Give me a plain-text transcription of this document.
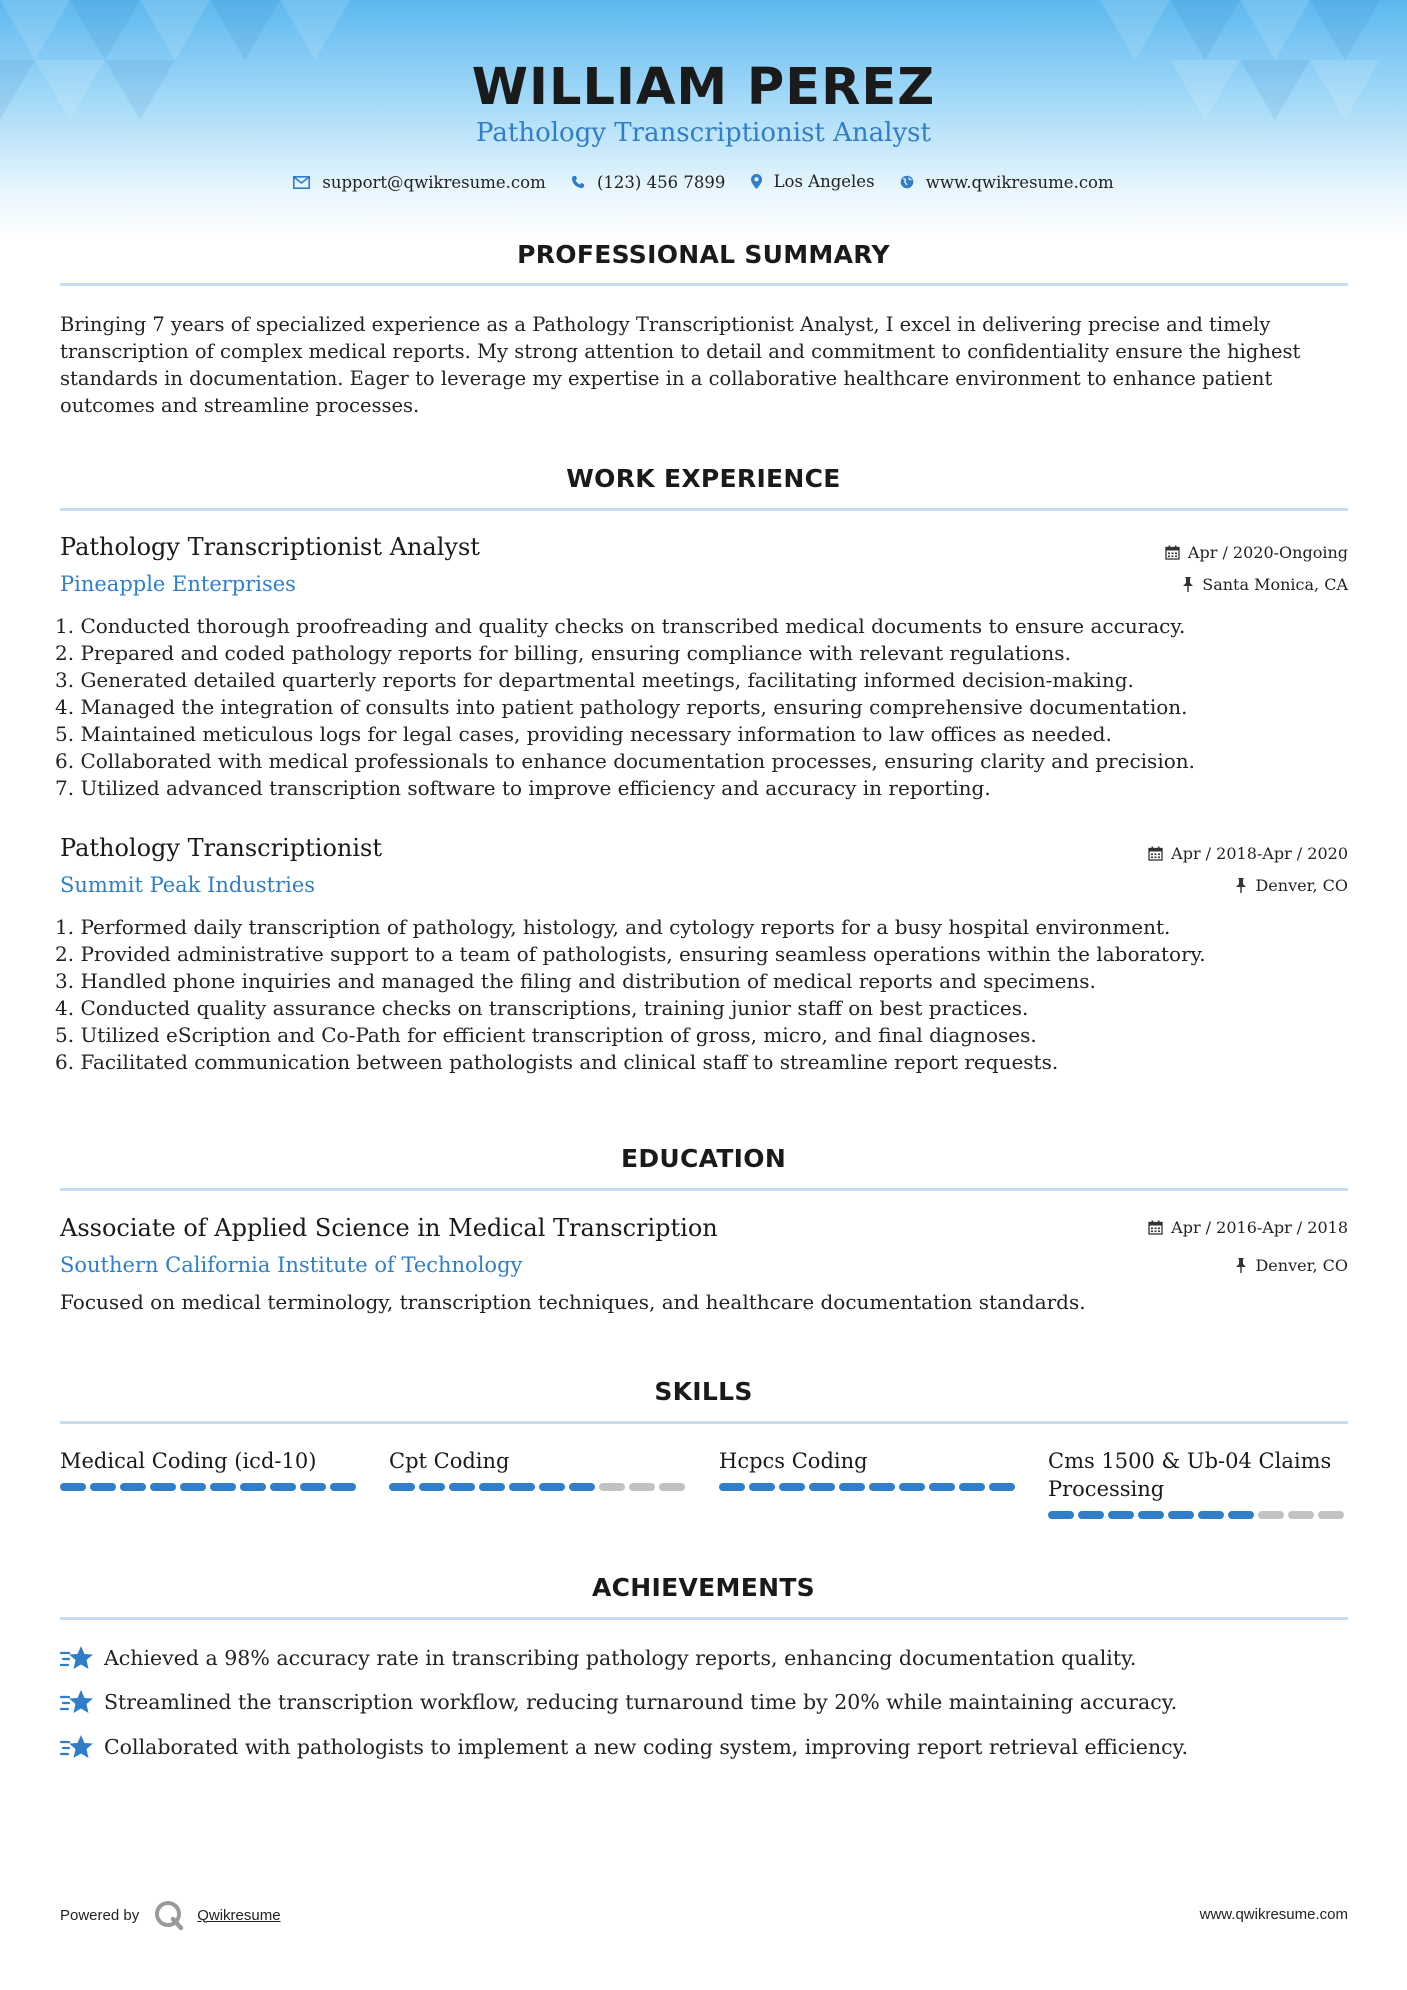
WILLIAM PEREZ
Pathology Transcriptionist Analyst
support@qwikresume.com
	(123) 456 7899
	Los Angeles
	www.qwikresume.com
PROFESSIONAL SUMMARY
Bringing 7 years of specialized experience as a Pathology Transcriptionist Analyst, I excel in delivering precise and timely transcription of complex medical reports. My strong attention to detail and commitment to confidentiality ensure the highest standards in documentation. Eager to leverage my expertise in a collaborative healthcare environment to enhance patient outcomes and streamline processes.
WORK EXPERIENCE
Pathology Transcriptionist Analyst	Apr / 2020-Ongoing
Pineapple Enterprises	Santa Monica, CA
1. Conducted thorough proofreading and quality checks on transcribed medical documents to ensure accuracy.
2. Prepared and coded pathology reports for billing, ensuring compliance with relevant regulations.
3. Generated detailed quarterly reports for departmental meetings, facilitating informed decision-making.
4. Managed the integration of consults into patient pathology reports, ensuring comprehensive documentation.
5. Maintained meticulous logs for legal cases, providing necessary information to law offices as needed.
6. Collaborated with medical professionals to enhance documentation processes, ensuring clarity and precision.
7. Utilized advanced transcription software to improve efficiency and accuracy in reporting.
Pathology Transcriptionist	Apr / 2018-Apr / 2020
Summit Peak Industries	Denver, CO
1. Performed daily transcription of pathology, histology, and cytology reports for a busy hospital environment.
2. Provided administrative support to a team of pathologists, ensuring seamless operations within the laboratory.
3. Handled phone inquiries and managed the filing and distribution of medical reports and specimens.
4. Conducted quality assurance checks on transcriptions, training junior staff on best practices.
5. Utilized eScription and Co-Path for efficient transcription of gross, micro, and final diagnoses.
6. Facilitated communication between pathologists and clinical staff to streamline report requests.
EDUCATION
Associate of Applied Science in Medical Transcription	Apr / 2016-Apr / 2018
Southern California Institute of Technology	Denver, CO
Focused on medical terminology, transcription techniques, and healthcare documentation standards.
SKILLS
Medical Coding (icd-10)	Cpt Coding	Hcpcs Coding	Cms 1500 & Ub-04 Claims Processing
ACHIEVEMENTS
Achieved a 98% accuracy rate in transcribing pathology reports, enhancing documentation quality.
Streamlined the transcription workflow, reducing turnaround time by 20% while maintaining accuracy.
Collaborated with pathologists to implement a new coding system, improving report retrieval efficiency.
Powered by	Qwikresume	www.qwikresume.com
